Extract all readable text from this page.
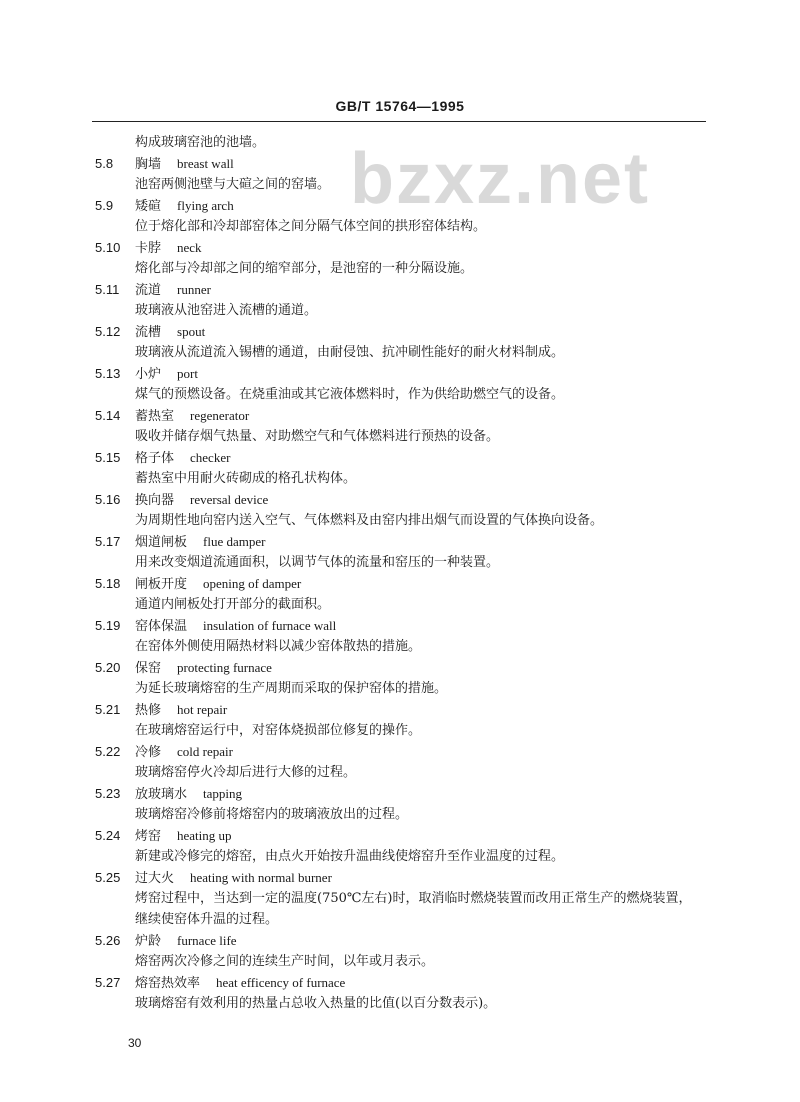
GB/T 15764—1995
bzxz.net
构成玻璃窑池的池墙。
5.8 胸墙 breast wall
池窑两侧池壁与大碹之间的窑墙。
5.9 矮碹 flying arch
位于熔化部和冷却部窑体之间分隔气体空间的拱形窑体结构。
5.10 卡脖 neck
熔化部与冷却部之间的缩窄部分，是池窑的一种分隔设施。
5.11 流道 runner
玻璃液从池窑进入流槽的通道。
5.12 流槽 spout
玻璃液从流道流入锡槽的通道，由耐侵蚀、抗冲刷性能好的耐火材料制成。
5.13 小炉 port
煤气的预燃设备。在烧重油或其它液体燃料时，作为供给助燃空气的设备。
5.14 蓄热室 regenerator
吸收并储存烟气热量、对助燃空气和气体燃料进行预热的设备。
5.15 格子体 checker
蓄热室中用耐火砖砌成的格孔状构体。
5.16 换向器 reversal device
为周期性地向窑内送入空气、气体燃料及由窑内排出烟气而设置的气体换向设备。
5.17 烟道闸板 flue damper
用来改变烟道流通面积，以调节气体的流量和窑压的一种装置。
5.18 闸板开度 opening of damper
通道内闸板处打开部分的截面积。
5.19 窑体保温 insulation of furnace wall
在窑体外侧使用隔热材料以减少窑体散热的措施。
5.20 保窑 protecting furnace
为延长玻璃熔窑的生产周期而采取的保护窑体的措施。
5.21 热修 hot repair
在玻璃熔窑运行中，对窑体烧损部位修复的操作。
5.22 冷修 cold repair
玻璃熔窑停火冷却后进行大修的过程。
5.23 放玻璃水 tapping
玻璃熔窑冷修前将熔窑内的玻璃液放出的过程。
5.24 烤窑 heating up
新建或冷修完的熔窑，由点火开始按升温曲线使熔窑升至作业温度的过程。
5.25 过大火 heating with normal burner
烤窑过程中，当达到一定的温度(750℃左右)时，取消临时燃烧装置而改用正常生产的燃烧装置，
继续使窑体升温的过程。
5.26 炉龄 furnace life
熔窑两次冷修之间的连续生产时间，以年或月表示。
5.27 熔窑热效率 heat efficency of furnace
玻璃熔窑有效利用的热量占总收入热量的比值(以百分数表示)。
30
